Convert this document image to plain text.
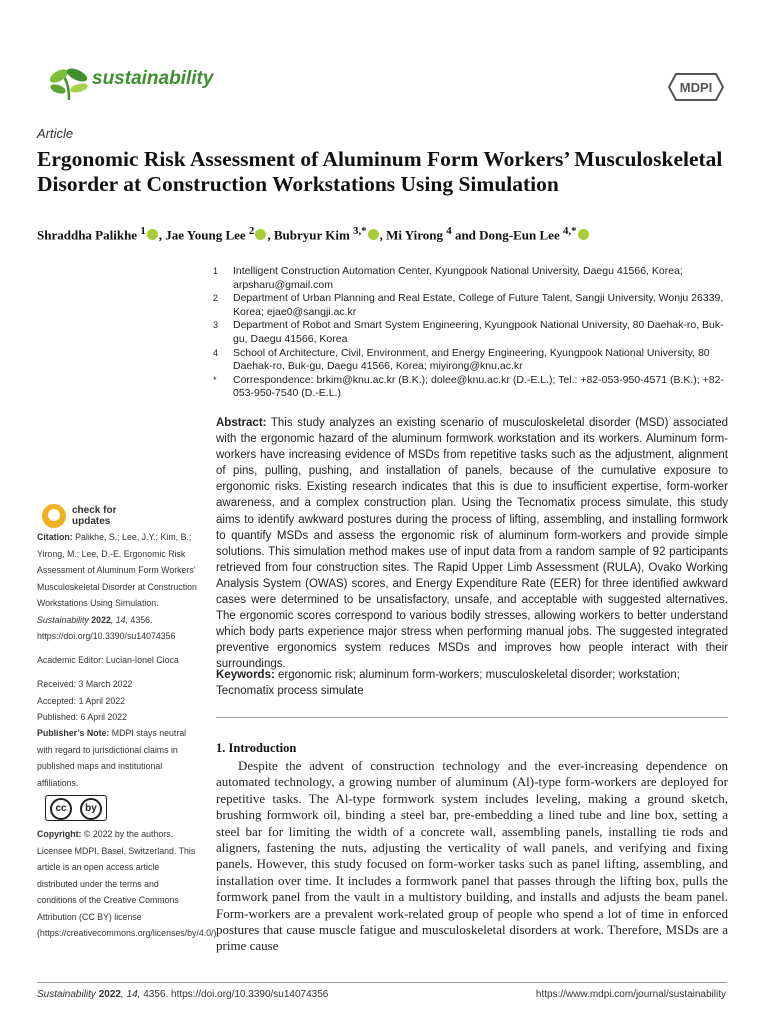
sustainability	MDPI
Article
Ergonomic Risk Assessment of Aluminum Form Workers’ Musculoskeletal Disorder at Construction Workstations Using Simulation
Shraddha Palikhe $^1$ , Jae Young Lee $^2$ , Bubryur Kim $^{3,*}$ , Mi Yirong $^4$ and Dong-Eun Lee $^{4,*}$
1 Intelligent Construction Automation Center, Kyungpook National University, Daegu 41566, Korea; arpsharu@gmail.com
2 Department of Urban Planning and Real Estate, College of Future Talent, Sangji University, Wonju 26339, Korea; ejae0@sangji.ac.kr
3 Department of Robot and Smart System Engineering, Kyungpook National University, 80 Daehak-ro, Buk-gu, Daegu 41566, Korea
4 School of Architecture, Civil, Environment, and Energy Engineering, Kyungpook National University, 80 Daehak-ro, Buk-gu, Daegu 41566, Korea; miyirong@knu.ac.kr
* Correspondence: brkim@knu.ac.kr (B.K.); dolee@knu.ac.kr (D.-E.L.); Tel.: +82-053-950-4571 (B.K.); +82-053-950-7540 (D.-E.L.)
Abstract: This study analyzes an existing scenario of musculoskeletal disorder (MSD) associated with the ergonomic hazard of the aluminum formwork workstation and its workers. Aluminum form-workers have increasing evidence of MSDs from repetitive tasks such as the adjustment, alignment of pins, pulling, pushing, and installation of panels, because of the cumulative exposure to ergonomic risks. Existing research indicates that this is due to insufficient expertise, form-worker awareness, and a complex construction plan. Using the Tecnomatix process simulate, this study aims to identify awkward postures during the process of lifting, assembling, and installing formwork to quantify MSDs and assess the ergonomic risk of aluminum form-workers and provide simple solutions. This simulation method makes use of input data from a random sample of 92 participants retrieved from four construction sites. The Rapid Upper Limb Assessment (RULA), Ovako Working Analysis System (OWAS) scores, and Energy Expenditure Rate (EER) for three identified awkward cases were determined to be unsatisfactory, unsafe, and acceptable with suggested alternatives. The ergonomic scores correspond to various bodily stresses, allowing workers to better understand which body parts experience major stress when performing manual jobs. The suggested integrated preventive ergonomics system reduces MSDs and improves how people interact with their surroundings.
Keywords: ergonomic risk; aluminum form-workers; musculoskeletal disorder; workstation; Tecnomatix process simulate
check for
updates
Citation: Palikhe, S.; Lee, J.Y.; Kim, B.; Yirong, M.; Lee, D.-E. Ergonomic Risk Assessment of Aluminum Form Workers’ Musculoskeletal Disorder at Construction Workstations Using Simulation. Sustainability 2022, 14, 4356. https://doi.org/10.3390/su14074356
Academic Editor: Lucian-Ionel Cioca
Received: 3 March 2022
Accepted: 1 April 2022
Published: 6 April 2022
Publisher’s Note: MDPI stays neutral with regard to jurisdictional claims in published maps and institutional affiliations.
cc	by
Copyright: © 2022 by the authors. Licensee MDPI, Basel, Switzerland. This article is an open access article distributed under the terms and conditions of the Creative Commons Attribution (CC BY) license (https://creativecommons.org/licenses/by/4.0/).
1. Introduction
Despite the advent of construction technology and the ever-increasing dependence on automated technology, a growing number of aluminum (Al)-type form-workers are deployed for repetitive tasks. The Al-type formwork system includes leveling, making a ground sketch, brushing formwork oil, binding a steel bar, pre-embedding a lined tube and line box, setting a steel bar for limiting the width of a concrete wall, assembling panels, installing tie rods and aligners, fastening the nuts, adjusting the verticality of wall panels, and verifying and fixing panels. However, this study focused on form-worker tasks such as panel lifting, assembling, and installation over time. It includes a formwork panel that passes through the lifting box, pulls the formwork panel from the vault in a multistory building, and installs and adjusts the beam panel. Form-workers are a prevalent work-related group of people who spend a lot of time in enforced postures that cause muscle fatigue and musculoskeletal disorders at work. Therefore, MSDs are a prime cause
Sustainability 2022, 14, 4356. https://doi.org/10.3390/su14074356	https://www.mdpi.com/journal/sustainability
